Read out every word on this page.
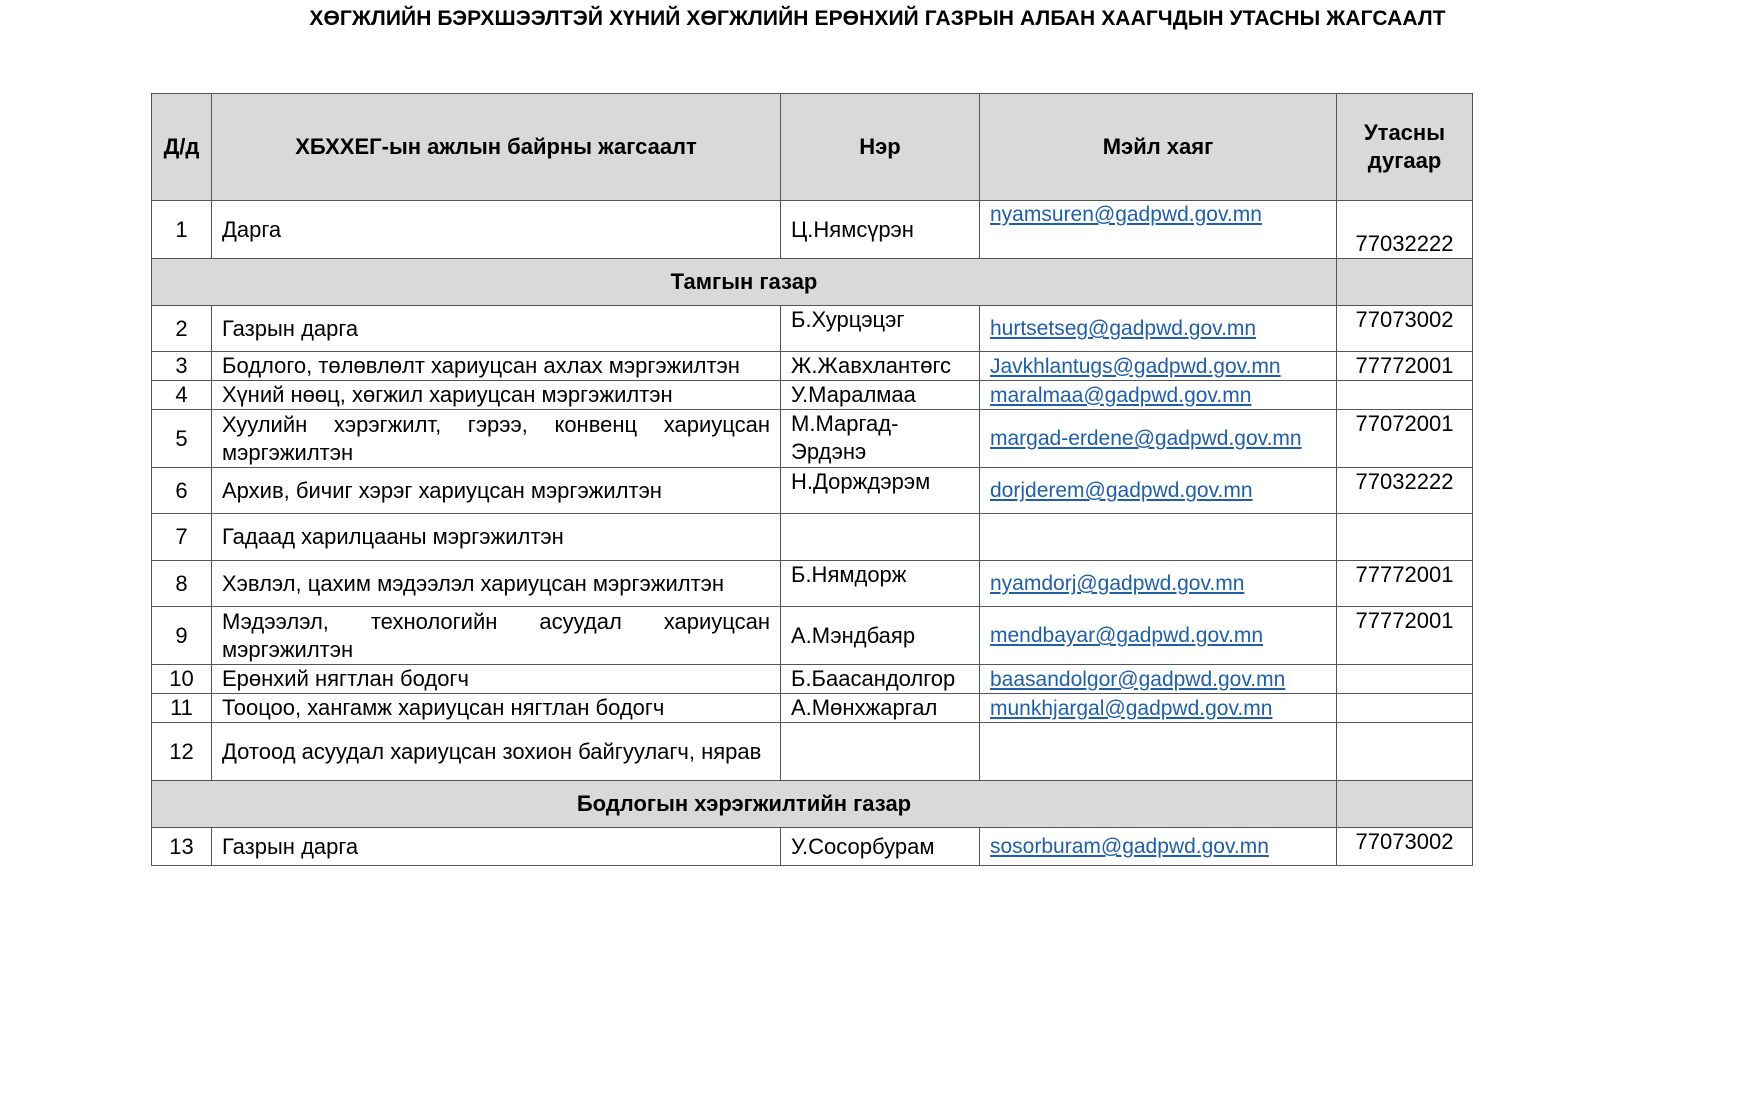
ХӨГЖЛИЙН БЭРХШЭЭЛТЭЙ ХҮНИЙ ХӨГЖЛИЙН ЕРӨНХИЙ ГАЗРЫН АЛБАН ХААГЧДЫН УТАСНЫ ЖАГСААЛТ
Д/д	ХБХХЕГ-ын ажлын байрны жагсаалт	Нэр	Мэйл хаяг	Утасны дугаар
1	Дарга	Ц.Нямсүрэн	nyamsuren@gadpwd.gov.mn	77032222
Тамгын газар				
2	Газрын дарга	Б.Хурцэцэг	hurtsetseg@gadpwd.gov.mn	77073002
3	Бодлого, төлөвлөлт хариуцсан ахлах мэргэжилтэн	Ж.Жавхлантөгс	Javkhlantugs@gadpwd.gov.mn	77772001
4	Хүний нөөц, хөгжил хариуцсан мэргэжилтэн	У.Маралмаа	maralmaa@gadpwd.gov.mn	
5	Хуулийн хэрэгжилт, гэрээ, конвенц хариуцсан мэргэжилтэн	М.Маргад-Эрдэнэ	margad-erdene@gadpwd.gov.mn	77072001
6	Архив, бичиг хэрэг хариуцсан мэргэжилтэн	Н.Дорждэрэм	dorjderem@gadpwd.gov.mn	77032222
7	Гадаад харилцааны мэргэжилтэн			
8	Хэвлэл, цахим мэдээлэл хариуцсан мэргэжилтэн	Б.Нямдорж	nyamdorj@gadpwd.gov.mn	77772001
9	Мэдээлэл, технологийн асуудал хариуцсан мэргэжилтэн	А.Мэндбаяр	mendbayar@gadpwd.gov.mn	77772001
10	Ерөнхий нягтлан бодогч	Б.Баасандолгор	baasandolgor@gadpwd.gov.mn	
11	Тооцоо, хангамж хариуцсан нягтлан бодогч	А.Мөнхжаргал	munkhjargal@gadpwd.gov.mn	
12	Дотоод асуудал хариуцсан зохион байгуулагч, нярав			
Бодлогын хэрэгжилтийн газар				
13	Газрын дарга	У.Сосорбурам	sosorburam@gadpwd.gov.mn	77073002
